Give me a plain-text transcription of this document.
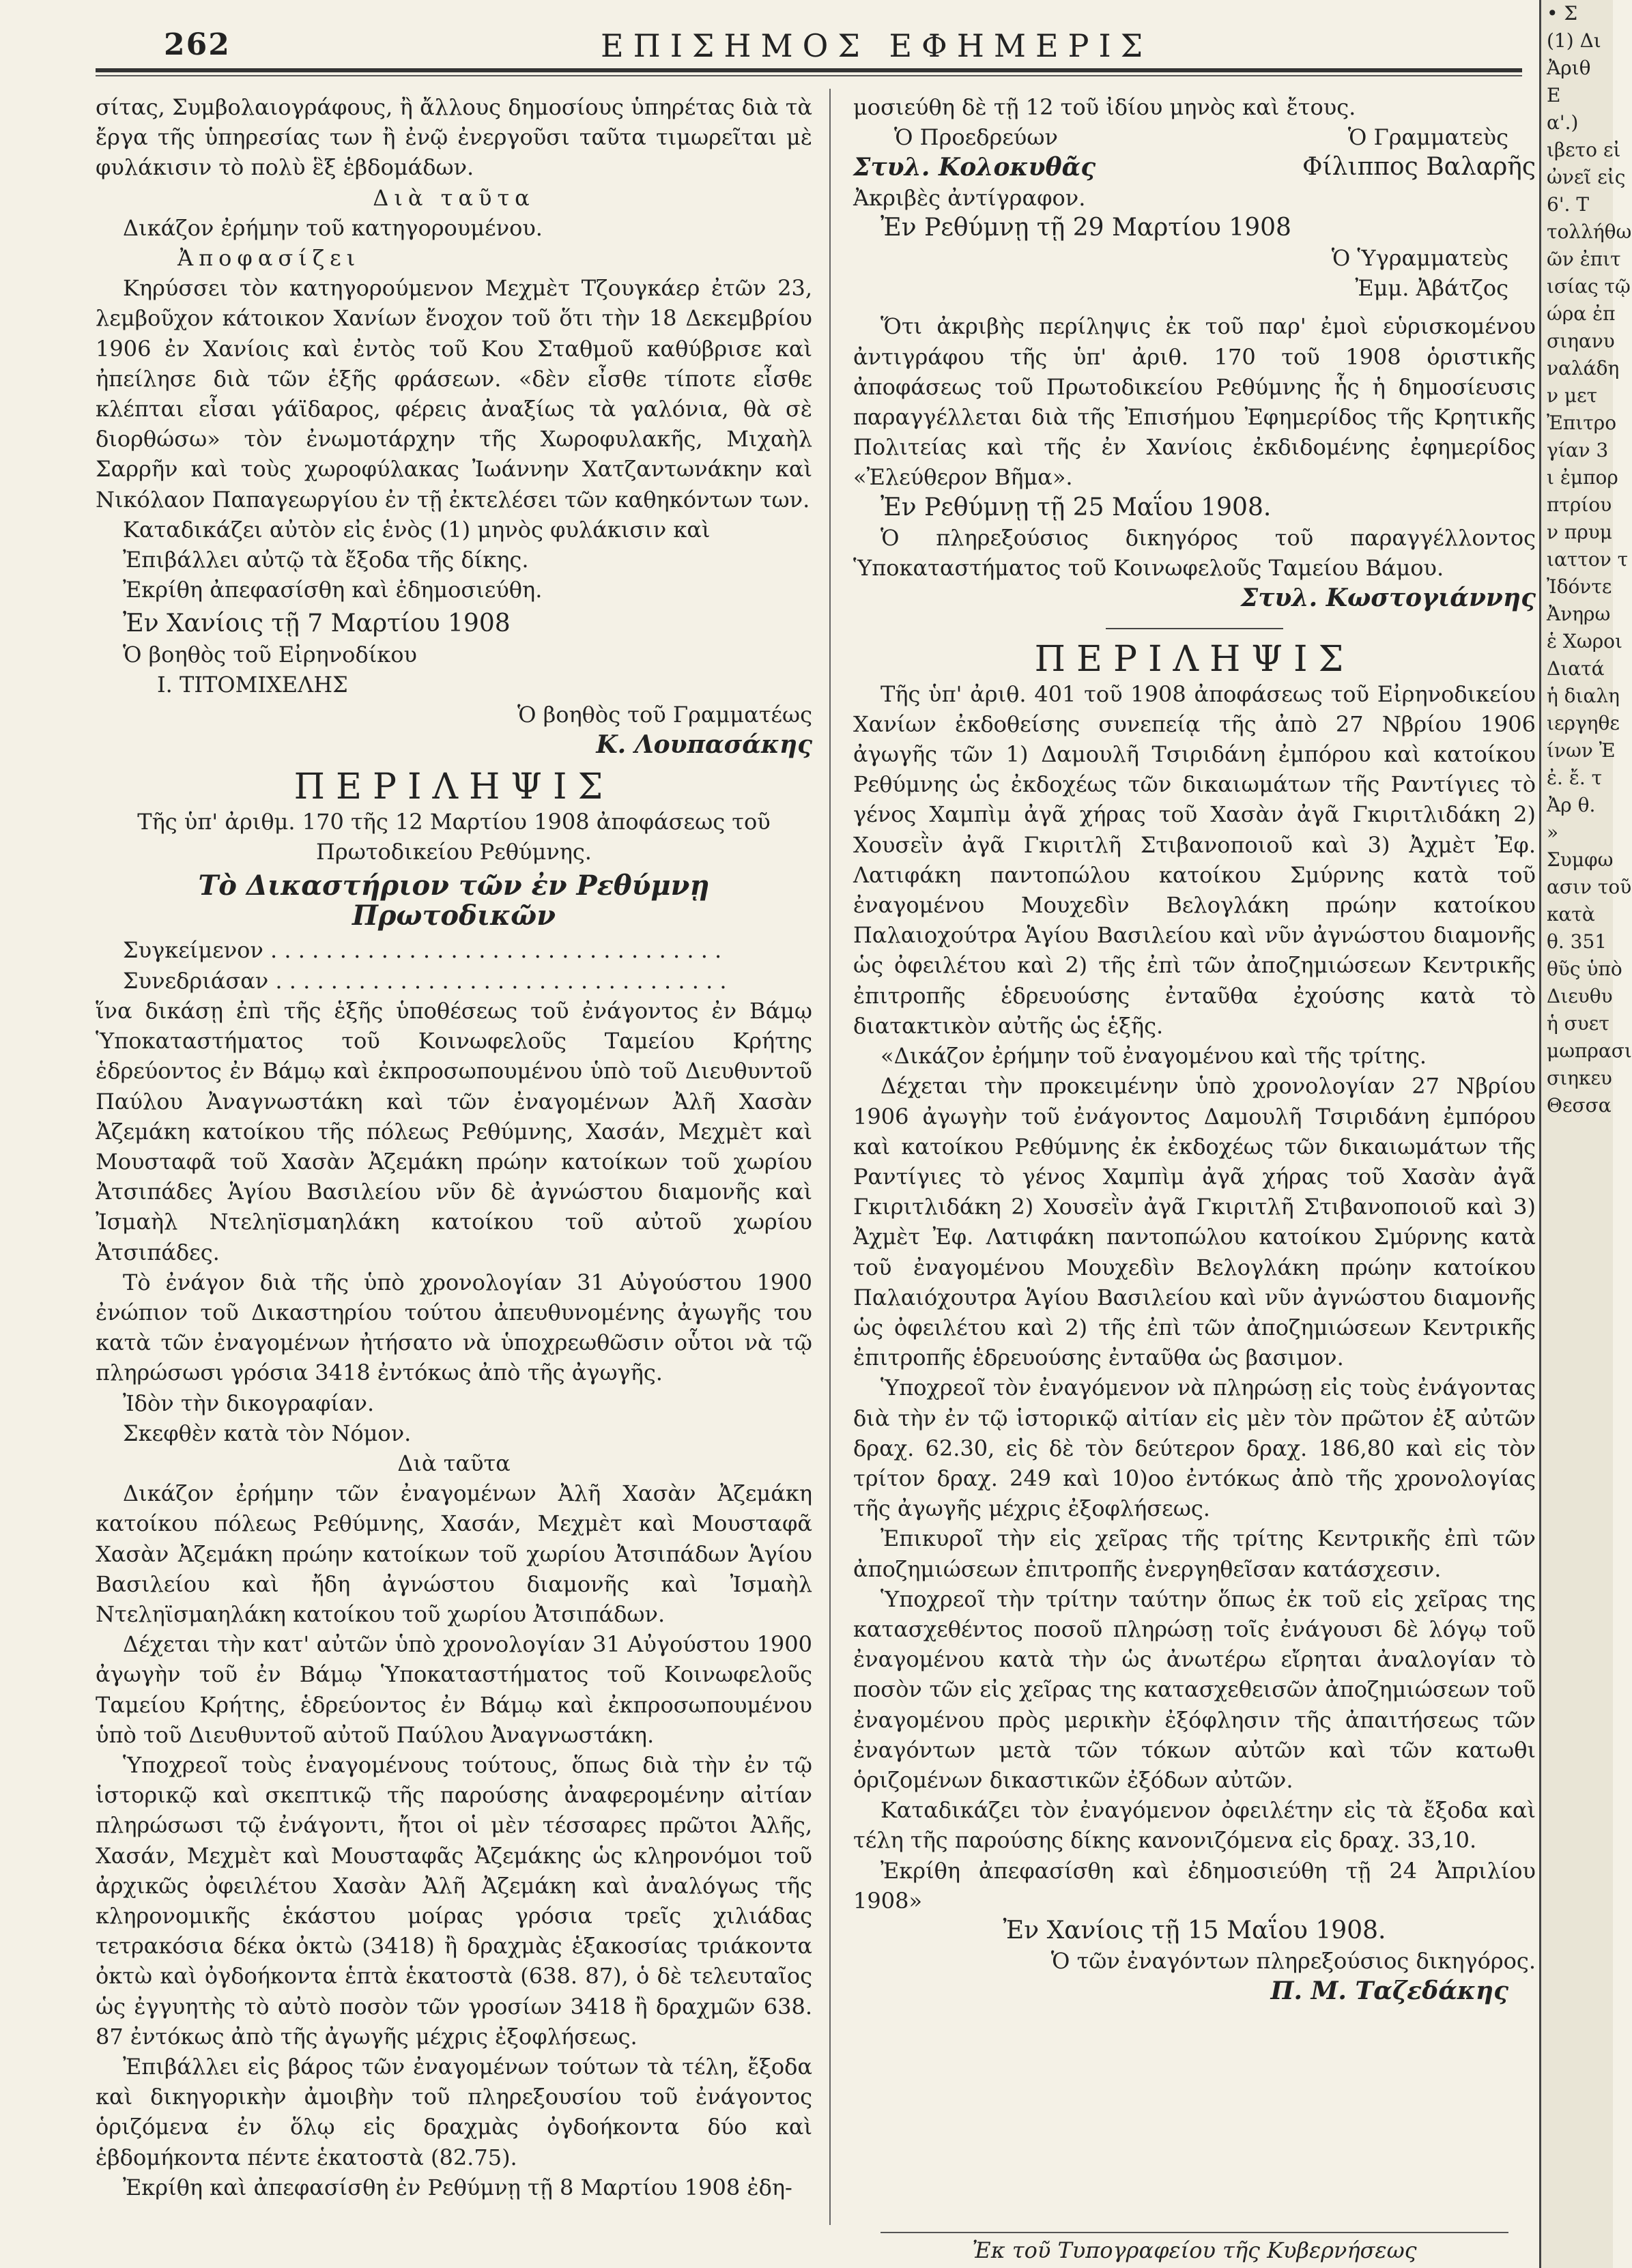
262	ΕΠΙΣΗΜΟΣ ΕΦΗΜΕΡΙΣ

σίτας, Συμβολαιογράφους, ἢ ἄλλους δημοσίους ὑπηρέτας διὰ τὰ ἔργα τῆς ὑπηρεσίας των ἢ ἐνῷ ἐνεργοῦσι ταῦτα τιμωρεῖται μὲ φυλάκισιν τὸ πολὺ ἓξ ἑβδομάδων.

Διὰ ταῦτα

Δικάζον ἐρήμην τοῦ κατηγορουμένου.

Ἀποφασίζει

Κηρύσσει τὸν κατηγορούμενον Μεχμὲτ Τζουγκάερ ἐτῶν 23, λεμβοῦχον κάτοικον Χανίων ἔνοχον τοῦ ὅτι τὴν 18 Δεκεμβρίου 1906 ἐν Χανίοις καὶ ἐντὸς τοῦ Κου Σταθμοῦ καθύβρισε καὶ ἠπείλησε διὰ τῶν ἑξῆς φράσεων. «δὲν εἶσθε τίποτε εἶσθε κλέπται εἶσαι γάϊδαρος, φέρεις ἀναξίως τὰ γαλόνια, θὰ σὲ διορθώσω» τὸν ἐνωμοτάρχην τῆς Χωροφυλακῆς, Μιχαὴλ Σαρρῆν καὶ τοὺς χωροφύλακας Ἰωάννην Χατζαντωνάκην καὶ Νικόλαον Παπαγεωργίου ἐν τῇ ἐκτελέσει τῶν καθηκόντων των.

Καταδικάζει αὐτὸν εἰς ἑνὸς (1) μηνὸς φυλάκισιν καὶ

Ἐπιβάλλει αὐτῷ τὰ ἔξοδα τῆς δίκης.

Ἐκρίθη ἀπεφασίσθη καὶ ἐδημοσιεύθη.

Ἐν Χανίοις τῇ 7 Μαρτίου 1908

Ὁ βοηθὸς τοῦ Εἰρηνοδίκου

Ι. ΤΙΤΟΜΙΧΕΛΗΣ

Ὁ βοηθὸς τοῦ Γραμματέως

Κ. Λουπασάκης

ΠΕΡΙΛΗΨΙΣ

Τῆς ὑπ' ἀριθμ. 170 τῆς 12 Μαρτίου 1908 ἀποφάσεως τοῦ Πρωτοδικείου Ρεθύμνης.

Τὸ Δικαστήριον τῶν ἐν Ρεθύμνῃ Πρωτοδικῶν

Συγκείμενον . . . . . . . . . . . . . . . . . . . . . . . . . . . . . . . . .

Συνεδριάσαν . . . . . . . . . . . . . . . . . . . . . . . . . . . . . . . . .

ἵνα δικάσῃ ἐπὶ τῆς ἑξῆς ὑποθέσεως τοῦ ἐνάγοντος ἐν Βάμῳ Ὑποκαταστήματος τοῦ Κοινωφελοῦς Ταμείου Κρήτης ἑδρεύοντος ἐν Βάμῳ καὶ ἐκπροσωπουμένου ὑπὸ τοῦ Διευθυντοῦ Παύλου Ἀναγνωστάκη καὶ τῶν ἐναγομένων Ἀλῆ Χασὰν Ἀζεμάκη κατοίκου τῆς πόλεως Ρεθύμνης, Χασάν, Μεχμὲτ καὶ Μουσταφᾶ τοῦ Χασὰν Ἀζεμάκη πρώην κατοίκων τοῦ χωρίου Ἀτσιπάδες Ἁγίου Βασιλείου νῦν δὲ ἀγνώστου διαμονῆς καὶ Ἰσμαὴλ Ντεληϊσμαηλάκη κατοίκου τοῦ αὐτοῦ χωρίου Ἀτσιπάδες.

Τὸ ἐνάγον διὰ τῆς ὑπὸ χρονολογίαν 31 Αὐγούστου 1900 ἐνώπιον τοῦ Δικαστηρίου τούτου ἀπευθυνομένης ἀγωγῆς του κατὰ τῶν ἐναγομένων ἠτήσατο νὰ ὑποχρεωθῶσιν οὗτοι νὰ τῷ πληρώσωσι γρόσια 3418 ἐντόκως ἀπὸ τῆς ἀγωγῆς.

Ἰδὸν τὴν δικογραφίαν.

Σκεφθὲν κατὰ τὸν Νόμον.

Διὰ ταῦτα

Δικάζον ἐρήμην τῶν ἐναγομένων Ἀλῆ Χασὰν Ἀζεμάκη κατοίκου πόλεως Ρεθύμνης, Χασάν, Μεχμὲτ καὶ Μουσταφᾶ Χασὰν Ἀζεμάκη πρώην κατοίκων τοῦ χωρίου Ἀτσιπάδων Ἁγίου Βασιλείου καὶ ἤδη ἀγνώστου διαμονῆς καὶ Ἰσμαὴλ Ντεληϊσμαηλάκη κατοίκου τοῦ χωρίου Ἀτσιπάδων.

Δέχεται τὴν κατ' αὐτῶν ὑπὸ χρονολογίαν 31 Αὐγούστου 1900 ἀγωγὴν τοῦ ἐν Βάμῳ Ὑποκαταστήματος τοῦ Κοινωφελοῦς Ταμείου Κρήτης, ἑδρεύοντος ἐν Βάμῳ καὶ ἐκπροσωπουμένου ὑπὸ τοῦ Διευθυντοῦ αὐτοῦ Παύλου Ἀναγνωστάκη.

Ὑποχρεοῖ τοὺς ἐναγομένους τούτους, ὅπως διὰ τὴν ἐν τῷ ἱστορικῷ καὶ σκεπτικῷ τῆς παρούσης ἀναφερομένην αἰτίαν πληρώσωσι τῷ ἐνάγοντι, ἤτοι οἱ μὲν τέσσαρες πρῶτοι Ἀλῆς, Χασάν, Μεχμὲτ καὶ Μουσταφᾶς Ἀζεμάκης ὡς κληρονόμοι τοῦ ἀρχικῶς ὀφειλέτου Χασὰν Ἀλῆ Ἀζεμάκη καὶ ἀναλόγως τῆς κληρονομικῆς ἑκάστου μοίρας γρόσια τρεῖς χιλιάδας τετρακόσια δέκα ὀκτὼ (3418) ἢ δραχμὰς ἑξακοσίας τριάκοντα ὀκτὼ καὶ ὀγδοήκοντα ἑπτὰ ἑκατοστὰ (638. 87), ὁ δὲ τελευταῖος ὡς ἐγγυητὴς τὸ αὐτὸ ποσὸν τῶν γροσίων 3418 ἢ δραχμῶν 638. 87 ἐντόκως ἀπὸ τῆς ἀγωγῆς μέχρις ἐξοφλήσεως.

Ἐπιβάλλει εἰς βάρος τῶν ἐναγομένων τούτων τὰ τέλη, ἔξοδα καὶ δικηγορικὴν ἀμοιβὴν τοῦ πληρεξουσίου τοῦ ἐνάγοντος ὁριζόμενα ἐν ὅλῳ εἰς δραχμὰς ὀγδοήκοντα δύο καὶ ἑβδομήκοντα πέντε ἑκατοστὰ (82.75).

Ἐκρίθη καὶ ἀπεφασίσθη ἐν Ρεθύμνῃ τῇ 8 Μαρτίου 1908 ἐδη-

μοσιεύθη δὲ τῇ 12 τοῦ ἰδίου μηνὸς καὶ ἔτους.

Ὁ Προεδρεύων	Ὁ Γραμματεὺς
Στυλ. Κολοκυθᾶς	Φίλιππος Βαλαρῆς

Ἀκριβὲς ἀντίγραφον.

Ἐν Ρεθύμνῃ τῇ 29 Μαρτίου 1908

Ὁ Ὑγραμματεὺς

Ἐμμ. Ἀβάτζος

Ὅτι ἀκριβὴς περίληψις ἐκ τοῦ παρ' ἐμοὶ εὑρισκομένου ἀντιγράφου τῆς ὑπ' ἀριθ. 170 τοῦ 1908 ὁριστικῆς ἀποφάσεως τοῦ Πρωτοδικείου Ρεθύμνης ἧς ἡ δημοσίευσις παραγγέλλεται διὰ τῆς Ἐπισήμου Ἐφημερίδος τῆς Κρητικῆς Πολιτείας καὶ τῆς ἐν Χανίοις ἐκδιδομένης ἐφημερίδος «Ἐλεύθερον Βῆμα».

Ἐν Ρεθύμνῃ τῇ 25 Μαΐου 1908.

Ὁ πληρεξούσιος δικηγόρος τοῦ παραγγέλλοντος Ὑποκαταστήματος τοῦ Κοινωφελοῦς Ταμείου Βάμου.

Στυλ. Κωστογιάννης

ΠΕΡΙΛΗΨΙΣ

Τῆς ὑπ' ἀριθ. 401 τοῦ 1908 ἀποφάσεως τοῦ Εἰρηνοδικείου Χανίων ἐκδοθείσης συνεπείᾳ τῆς ἀπὸ 27 Νβρίου 1906 ἀγωγῆς τῶν 1) Δαμουλῆ Τσιριδάνη ἐμπόρου καὶ κατοίκου Ρεθύμνης ὡς ἐκδοχέως τῶν δικαιωμάτων τῆς Ραντίγιες τὸ γένος Χαμπὶμ ἀγᾶ χήρας τοῦ Χασὰν ἀγᾶ Γκιριτλιδάκη 2) Χουσεῒν ἀγᾶ Γκιριτλῆ Στιβανοποιοῦ καὶ 3) Ἀχμὲτ Ἐφ. Λατιφάκη παντοπώλου κατοίκου Σμύρνης κατὰ τοῦ ἐναγομένου Μουχεδὶν Βελογλάκη πρώην κατοίκου Παλαιοχούτρα Ἁγίου Βασιλείου καὶ νῦν ἀγνώστου διαμονῆς ὡς ὀφειλέτου καὶ 2) τῆς ἐπὶ τῶν ἀποζημιώσεων Κεντρικῆς ἐπιτροπῆς ἑδρευούσης ἐνταῦθα ἐχούσης κατὰ τὸ διατακτικὸν αὐτῆς ὡς ἑξῆς.

«Δικάζον ἐρήμην τοῦ ἐναγομένου καὶ τῆς τρίτης.

Δέχεται τὴν προκειμένην ὑπὸ χρονολογίαν 27 Νβρίου 1906 ἀγωγὴν τοῦ ἐνάγοντος Δαμουλῆ Τσιριδάνη ἐμπόρου καὶ κατοίκου Ρεθύμνης ἐκ ἐκδοχέως τῶν δικαιωμάτων τῆς Ραντίγιες τὸ γένος Χαμπὶμ ἀγᾶ χήρας τοῦ Χασὰν ἀγᾶ Γκιριτλιδάκη 2) Χουσεῒν ἀγᾶ Γκιριτλῆ Στιβανοποιοῦ καὶ 3) Ἀχμὲτ Ἐφ. Λατιφάκη παντοπώλου κατοίκου Σμύρνης κατὰ τοῦ ἐναγομένου Μουχεδὶν Βελογλάκη πρώην κατοίκου Παλαιόχουτρα Ἁγίου Βασιλείου καὶ νῦν ἀγνώστου διαμονῆς ὡς ὀφειλέτου καὶ 2) τῆς ἐπὶ τῶν ἀποζημιώσεων Κεντρικῆς ἐπιτροπῆς ἑδρευούσης ἐνταῦθα ὡς βασιμον.

Ὑποχρεοῖ τὸν ἐναγόμενον νὰ πληρώσῃ εἰς τοὺς ἐνάγοντας διὰ τὴν ἐν τῷ ἱστορικῷ αἰτίαν εἰς μὲν τὸν πρῶτον ἐξ αὐτῶν δραχ. 62.30, εἰς δὲ τὸν δεύτερον δραχ. 186,80 καὶ εἰς τὸν τρίτον δραχ. 249 καὶ 10)οο ἐντόκως ἀπὸ τῆς χρονολογίας τῆς ἀγωγῆς μέχρις ἐξοφλήσεως.

Ἐπικυροῖ τὴν εἰς χεῖρας τῆς τρίτης Κεντρικῆς ἐπὶ τῶν ἀποζημιώσεων ἐπιτροπῆς ἐνεργηθεῖσαν κατάσχεσιν.

Ὑποχρεοῖ τὴν τρίτην ταύτην ὅπως ἐκ τοῦ εἰς χεῖρας της κατασχεθέντος ποσοῦ πληρώσῃ τοῖς ἐνάγουσι δὲ λόγῳ τοῦ ἐναγομένου κατὰ τὴν ὡς ἀνωτέρω εἴρηται ἀναλογίαν τὸ ποσὸν τῶν εἰς χεῖρας της κατασχεθεισῶν ἀποζημιώσεων τοῦ ἐναγομένου πρὸς μερικὴν ἐξόφλησιν τῆς ἀπαιτήσεως τῶν ἐναγόντων μετὰ τῶν τόκων αὐτῶν καὶ τῶν κατωθι ὁριζομένων δικαστικῶν ἐξόδων αὐτῶν.

Καταδικάζει τὸν ἐναγόμενον ὀφειλέτην εἰς τὰ ἔξοδα καὶ τέλη τῆς παρούσης δίκης κανονιζόμενα εἰς δραχ. 33,10.

Ἐκρίθη ἀπεφασίσθη καὶ ἐδημοσιεύθη τῇ 24 Ἀπριλίου 1908»

Ἐν Χανίοις τῇ 15 Μαΐου 1908.

Ὁ τῶν ἐναγόντων πληρεξούσιος δικηγόρος.

Π. Μ. Ταζεδάκης

Ἐκ τοῦ Τυπογραφείου τῆς Κυβερνήσεως
• Σ
(1) Δι
Ἀριθ
Ε
α'.)
ιβετο εἰ
ὠνεῖ εἰς
6'. Τ
τολλήθω
ῶν ἐπιτ
ισίας τῷ
ώρα ἐπ
σιηανυ
ναλάδη
ν μετ
Ἐπιτρο
γίαν 3
ι ἐμπορ
πτρίου
ν πρυμ
ιαττον τ
Ἰδόντε
Ἀνηρω
ἑ Χωροι
Διατά
ἡ διαλη
ιεργηθε
ίνων Ἐ
ἐ. ἔ. τ
Ἀρ θ.
»
Συμφω
ασιν τοῦ
κατὰ
θ. 351
θῦς ὑπὸ
Διευθυ
ἡ συετ
μωπρασι
σιηκευ
Θεσσα
